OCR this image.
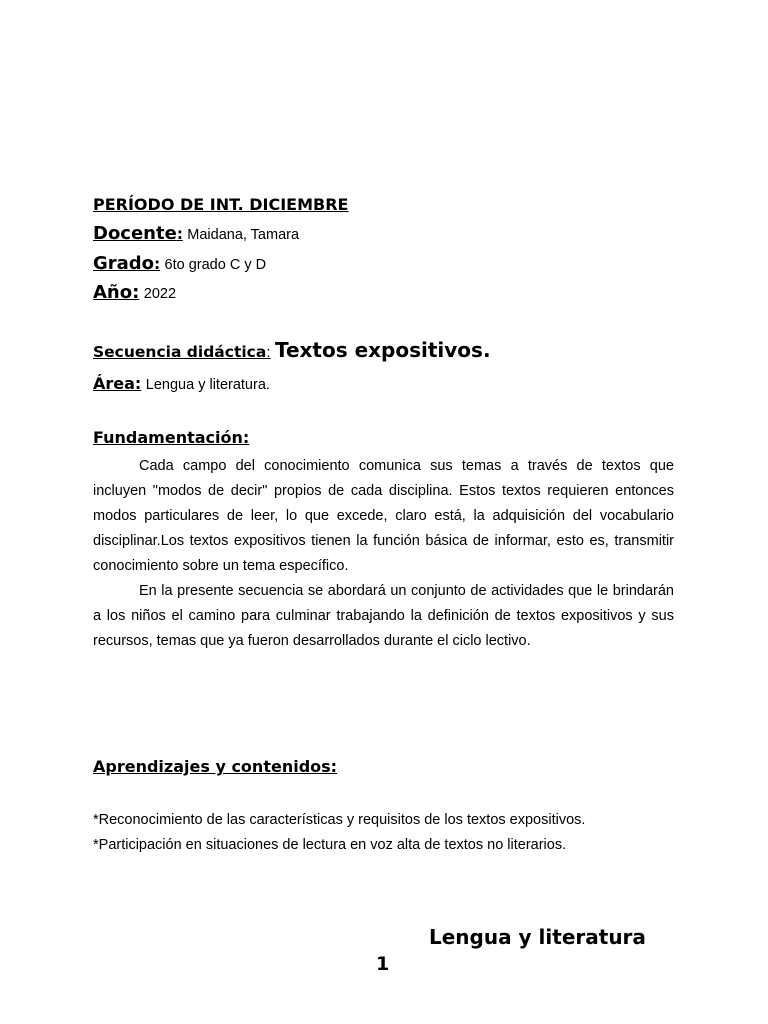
PERÍODO DE INT. DICIEMBRE
Docente: Maidana, Tamara
Grado: 6to grado C y D
Año: 2022
Secuencia didáctica: Textos expositivos.
Área: Lengua y literatura.
Fundamentación:

Cada campo del conocimiento comunica sus temas a través de textos que incluyen "modos de decir" propios de cada disciplina. Estos textos requieren entonces modos particulares de leer, lo que excede, claro está, la adquisición del vocabulario disciplinar.Los textos expositivos tienen la función básica de informar, esto es, transmitir conocimiento sobre un tema específico.

En la presente secuencia se abordará un conjunto de actividades que le brindarán a los niños el camino para culminar trabajando la definición de textos expositivos y sus recursos, temas que ya fueron desarrollados durante el ciclo lectivo.

Aprendizajes y contenidos:
*Reconocimiento de las características y requisitos de los textos expositivos.
*Participación en situaciones de lectura en voz alta de textos no literarios.
Lengua y literatura
1
